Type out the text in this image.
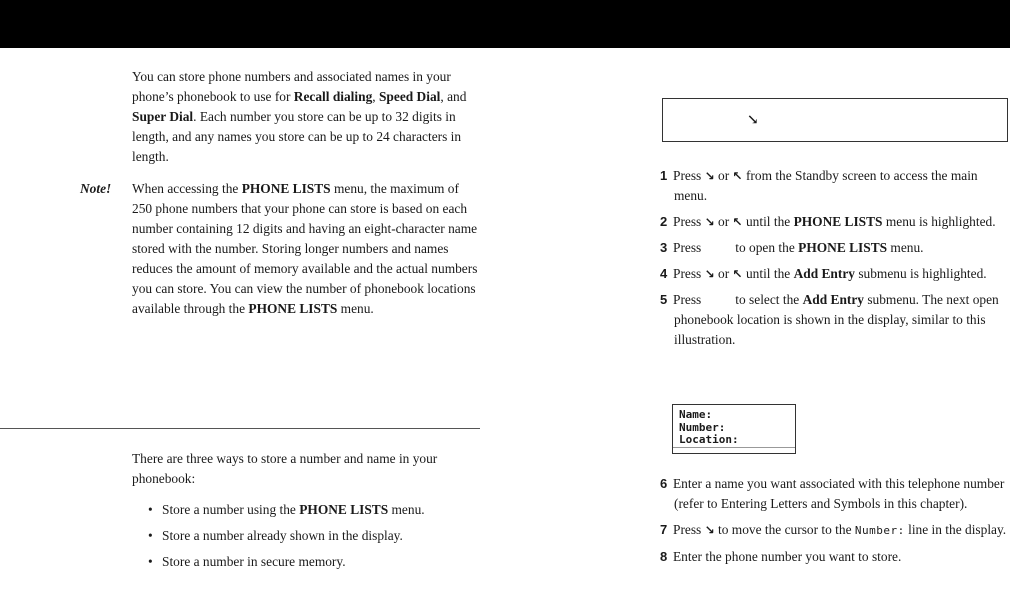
You can store phone numbers and associated names in your phone’s phonebook to use for Recall dialing, Speed Dial, and Super Dial. Each number you store can be up to 32 digits in length, and any names you store can be up to 24 characters in length.

Note! When accessing the PHONE LISTS menu, the maximum of 250 phone numbers that your phone can store is based on each number containing 12 digits and having an eight-character name stored with the number. Storing longer numbers and names reduces the amount of memory available and the actual numbers you can store. You can view the number of phonebook locations available through the PHONE LISTS menu.

There are three ways to store a number and name in your phonebook:

• Store a number using the PHONE LISTS menu.
• Store a number already shown in the display.
• Store a number in secure memory.
↘
1 Press ↘ or ↖ from the Standby screen to access the main menu.
2 Press ↘ or ↖ until the PHONE LISTS menu is highlighted.
3 Press	to open the PHONE LISTS menu.
4 Press ↘ or ↖ until the Add Entry submenu is highlighted.
5 Press	to select the Add Entry submenu. The next open phonebook location is shown in the display, similar to this illustration.
Name:
Number:
Location:
6 Enter a name you want associated with this telephone number (refer to Entering Letters and Symbols in this chapter).
7 Press ↘ to move the cursor to the Number: line in the display.
8 Enter the phone number you want to store.
